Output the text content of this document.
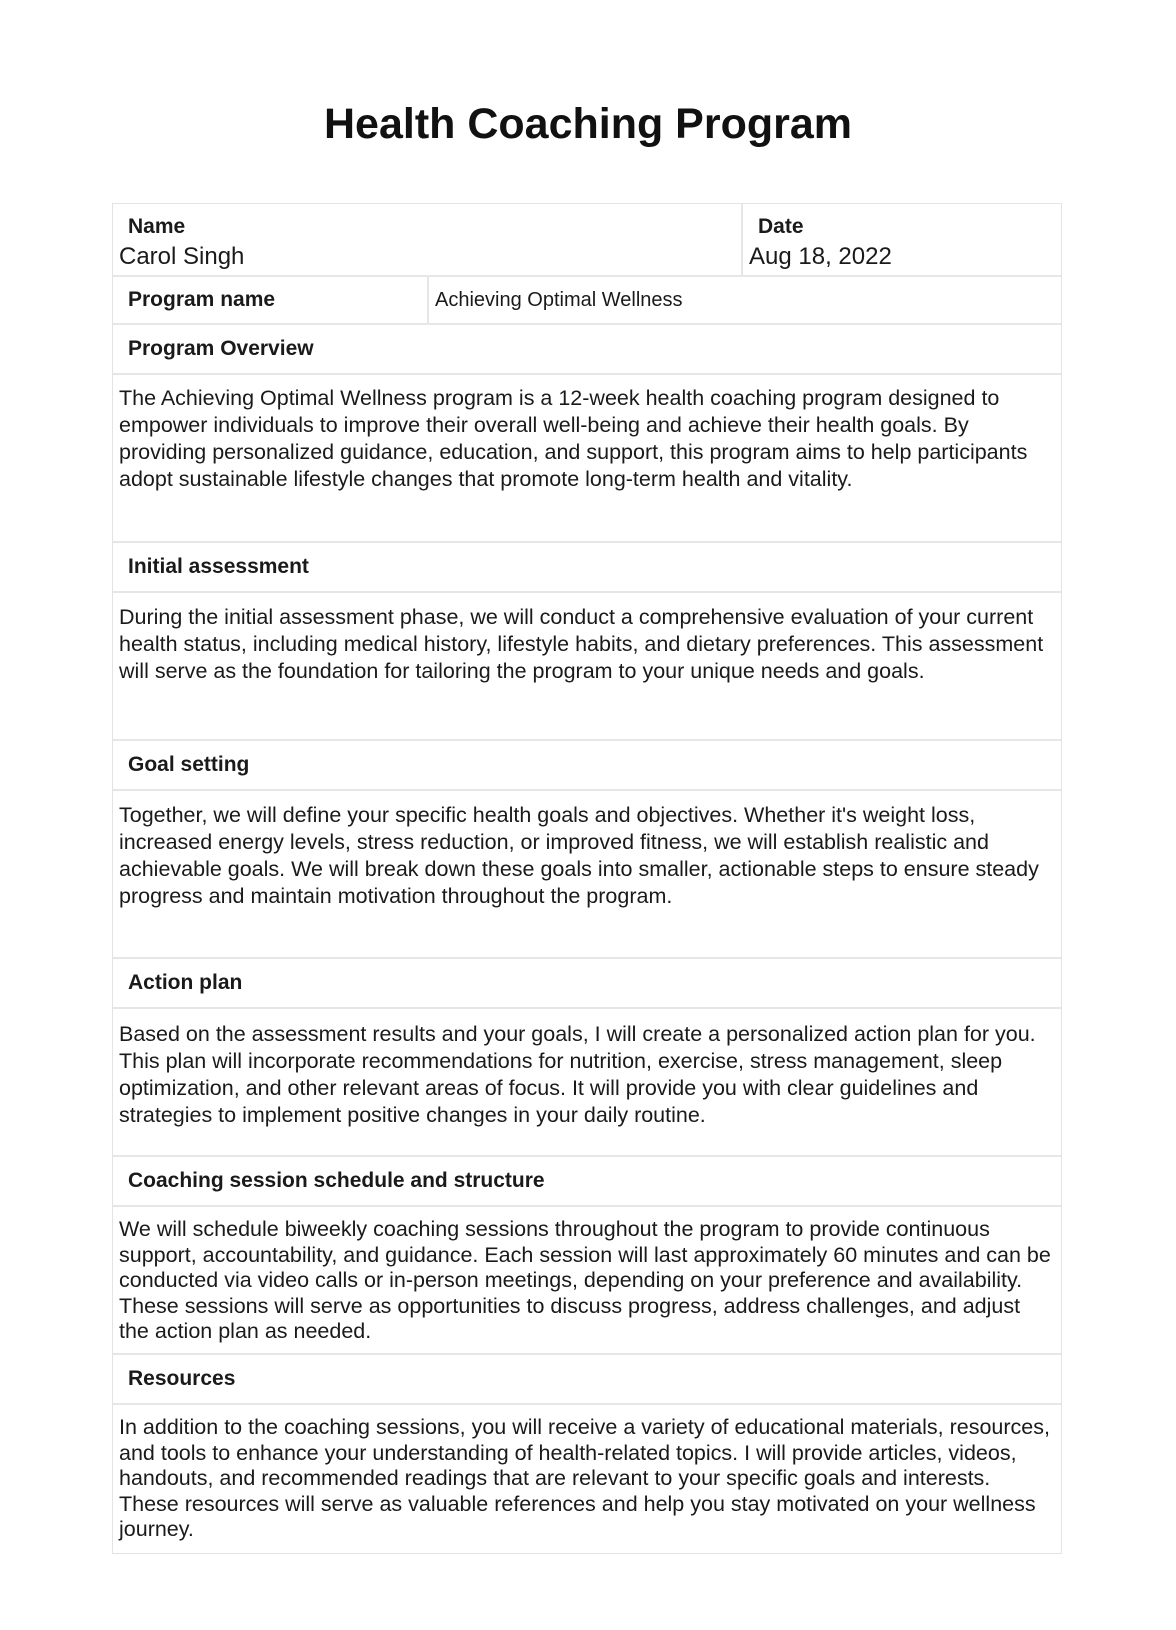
Health Coaching Program
Name
Carol Singh
Date
Aug 18, 2022
Program name	Achieving Optimal Wellness
Program Overview

The Achieving Optimal Wellness program is a 12-week health coaching program designed to empower individuals to improve their overall well-being and achieve their health goals. By providing personalized guidance, education, and support, this program aims to help participants adopt sustainable lifestyle changes that promote long-term health and vitality.

Initial assessment

During the initial assessment phase, we will conduct a comprehensive evaluation of your current health status, including medical history, lifestyle habits, and dietary preferences. This assessment will serve as the foundation for tailoring the program to your unique needs and goals.

Goal setting

Together, we will define your specific health goals and objectives. Whether it's weight loss, increased energy levels, stress reduction, or improved fitness, we will establish realistic and achievable goals. We will break down these goals into smaller, actionable steps to ensure steady progress and maintain motivation throughout the program.

Action plan

Based on the assessment results and your goals, I will create a personalized action plan for you. This plan will incorporate recommendations for nutrition, exercise, stress management, sleep optimization, and other relevant areas of focus. It will provide you with clear guidelines and strategies to implement positive changes in your daily routine.

Coaching session schedule and structure

We will schedule biweekly coaching sessions throughout the program to provide continuous support, accountability, and guidance. Each session will last approximately 60 minutes and can be conducted via video calls or in-person meetings, depending on your preference and availability. These sessions will serve as opportunities to discuss progress, address challenges, and adjust the action plan as needed.

Resources

In addition to the coaching sessions, you will receive a variety of educational materials, resources, and tools to enhance your understanding of health-related topics. I will provide articles, videos, handouts, and recommended readings that are relevant to your specific goals and interests. These resources will serve as valuable references and help you stay motivated on your wellness journey.
